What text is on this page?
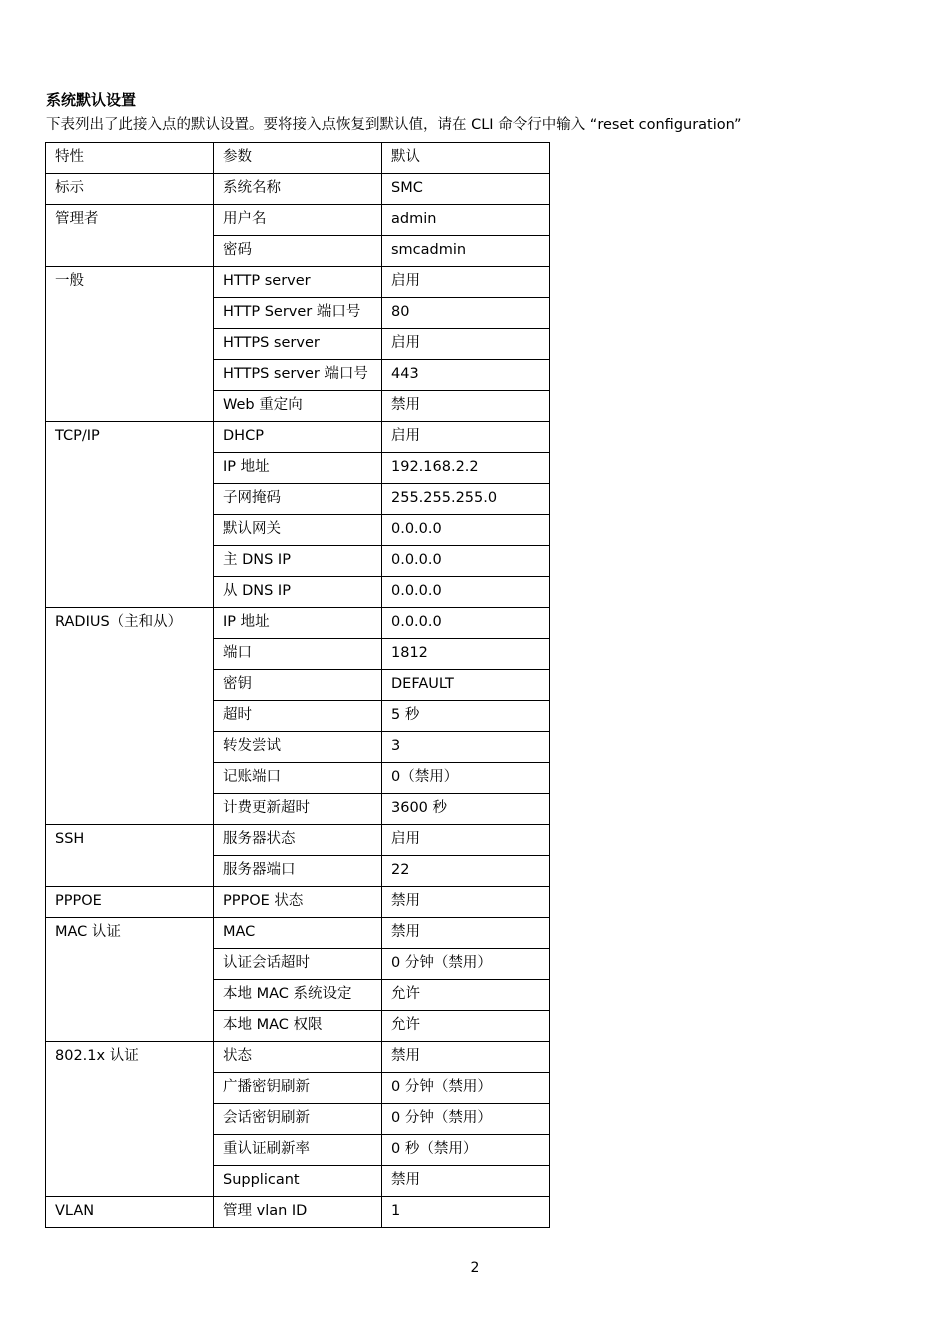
系统默认设置
下表列出了此接入点的默认设置。要将接入点恢复到默认值，请在 CLI 命令行中输入 “reset configuration”
特性	参数	默认
标示	系统名称	SMC
管理者	用户名	admin
	密码	smcadmin
一般	HTTP server	启用
	HTTP Server 端口号	80
	HTTPS server	启用
	HTTPS server 端口号	443
	Web 重定向	禁用
TCP/IP	DHCP	启用
	IP 地址	192.168.2.2
	子网掩码	255.255.255.0
	默认网关	0.0.0.0
	主 DNS IP	0.0.0.0
	从 DNS IP	0.0.0.0
RADIUS（主和从）	IP 地址	0.0.0.0
	端口	1812
	密钥	DEFAULT
	超时	5 秒
	转发尝试	3
	记账端口	0（禁用）
	计费更新超时	3600 秒
SSH	服务器状态	启用
	服务器端口	22
PPPOE	PPPOE 状态	禁用
MAC 认证	MAC	禁用
	认证会话超时	0 分钟（禁用）
	本地 MAC 系统设定	允许
	本地 MAC 权限	允许
802.1x 认证	状态	禁用
	广播密钥刷新	0 分钟（禁用）
	会话密钥刷新	0 分钟（禁用）
	重认证刷新率	0 秒（禁用）
	Supplicant	禁用
VLAN	管理 vlan ID	1
2
